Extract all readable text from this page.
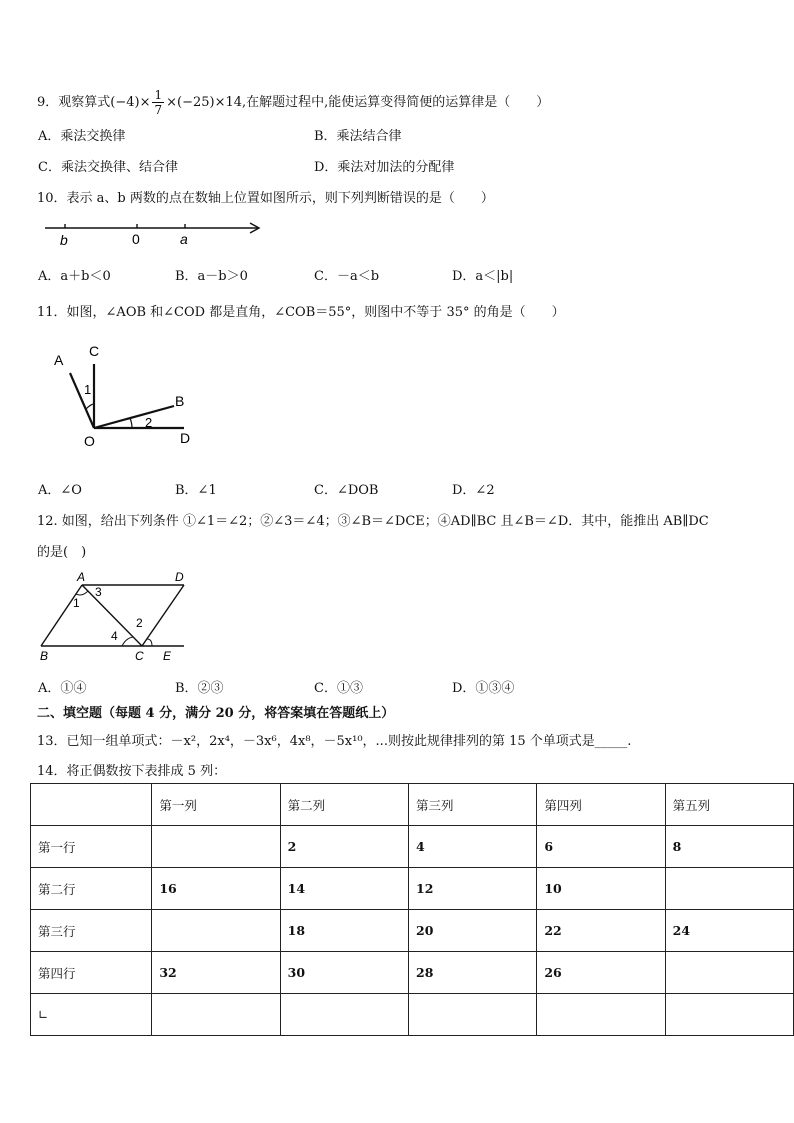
9．观察算式$(-4)\times \frac{1}{7} \times(-25)\times 14$,在解题过程中,能使运算变得简便的运算律是（　　）
A．乘法交换律	B．乘法结合律
C．乘法交换律、结合律	D．乘法对加法的分配律
10．表示 a、b 两数的点在数轴上位置如图所示，则下列判断错误的是（　　）
b	0	a
A．a＋b＜0	B．a－b＞0	C．－a＜b	D．a＜|b|
11．如图，∠AOB 和∠COD 都是直角，∠COB＝55°，则图中不等于 35° 的角是（　　）
A
C
1
B
2
O	D
A．∠O	B．∠1	C．∠DOB	D．∠2
12. 如图，给出下列条件 ①∠1＝∠2；②∠3＝∠4；③∠B＝∠DCE；④AD∥BC 且∠B＝∠D．其中，能推出 AB∥DC
的是(　)
A	D
3
1
2
4
B	C E
A．①④	B．②③	C．①③	D．①③④
二、填空题（每题 4 分，满分 20 分，将答案填在答题纸上）
13．已知一组单项式：－x²，2x⁴，－3x⁶，4x⁸，－5x¹⁰，...则按此规律排列的第 15 个单项式是_____.
14．将正偶数按下表排成 5 列：
	第一列	第二列	第三列	第四列	第五列
第一行		2	4	6	8
第二行	16	14	12	10	
第三行		18	20	22	24
第四行	32	30	28	26	
∟					
